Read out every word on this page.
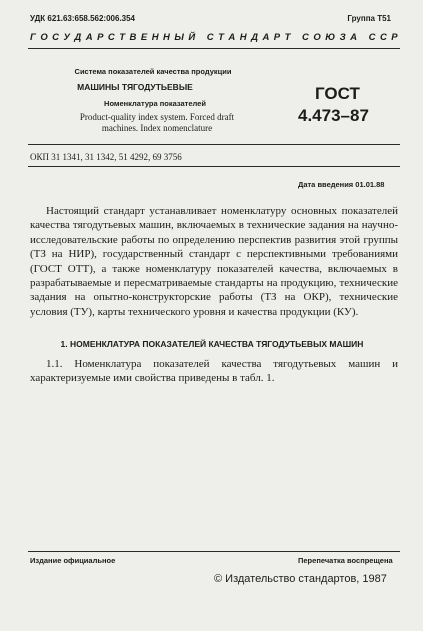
УДК 621.63:658.562:006.354	Группа Т51
Г О С У Д А Р С Т В Е Н Н Ы Й
С Т А Н Д А Р Т
С О Ю З А
С С Р
Система показателей качества продукции
МАШИНЫ ТЯГОДУТЬЕВЫЕ
Номенклатура показателей
Product-quality index system. Forced draft
machines. Index nomenclature
ГОСТ
4.473–87
ОКП 31 1341, 31 1342, 51 4292, 69 3756
Дата введения 01.01.88
Настоящий стандарт устанавливает номенклатуру основных показателей качества тягодутьевых машин, включаемых в технические задания на научно-исследовательские работы по определению перспектив развития этой группы (ТЗ на НИР), государственный стандарт с перспективными требованиями (ГОСТ ОТТ), а также номенклатуру показателей качества, включаемых в разрабатываемые и пересматриваемые стандарты на продукцию, технические задания на опытно-конструкторские работы (ТЗ на ОКР), технические условия (ТУ), карты технического уровня и качества продукции (КУ).
1. НОМЕНКЛАТУРА ПОКАЗАТЕЛЕЙ КАЧЕСТВА ТЯГОДУТЬЕВЫХ МАШИН
1.1. Номенклатура показателей качества тягодутьевых машин и характеризуемые ими свойства приведены в табл. 1.
Издание официальное	Перепечатка воспрещена
© Издательство стандартов, 1987
